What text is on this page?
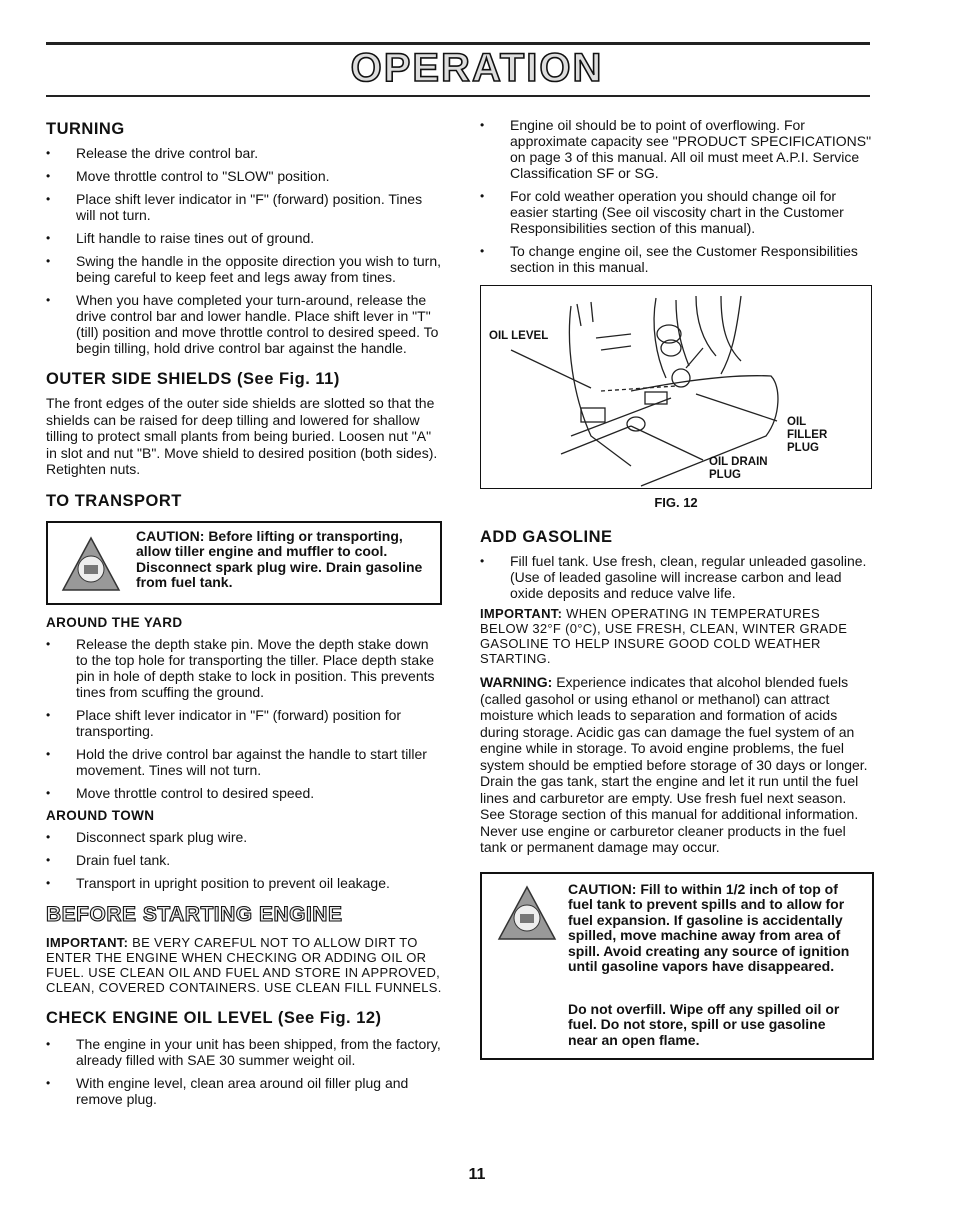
OPERATION
TURNING
• Release the drive control bar.
• Move throttle control to "SLOW" position.
• Place shift lever indicator in "F" (forward) position. Tines will not turn.
• Lift handle to raise tines out of ground.
• Swing the handle in the opposite direction you wish to turn, being careful to keep feet and legs away from tines.
• When you have completed your turn-around, release the drive control bar and lower handle. Place shift lever in "T" (till) position and move throttle control to desired speed. To begin tilling, hold drive control bar against the handle.
OUTER SIDE SHIELDS (See Fig. 11)

The front edges of the outer side shields are slotted so that the shields can be raised for deep tilling and lowered for shallow tilling to protect small plants from being buried. Loosen nut "A" in slot and nut "B". Move shield to desired position (both sides). Retighten nuts.

TO TRANSPORT
CAUTION: Before lifting or transporting, allow tiller engine and muffler to cool. Disconnect spark plug wire. Drain gasoline from fuel tank.
AROUND THE YARD
• Release the depth stake pin. Move the depth stake down to the top hole for transporting the tiller. Place depth stake pin in hole of depth stake to lock in position. This prevents tines from scuffing the ground.
• Place shift lever indicator in "F" (forward) position for transporting.
• Hold the drive control bar against the handle to start tiller movement. Tines will not turn.
• Move throttle control to desired speed.
AROUND TOWN
• Disconnect spark plug wire.
• Drain fuel tank.
• Transport in upright position to prevent oil leakage.
BEFORE STARTING ENGINE

IMPORTANT: BE VERY CAREFUL NOT TO ALLOW DIRT TO ENTER THE ENGINE WHEN CHECKING OR ADDING OIL OR FUEL. USE CLEAN OIL AND FUEL AND STORE IN APPROVED, CLEAN, COVERED CONTAINERS. USE CLEAN FILL FUNNELS.

CHECK ENGINE OIL LEVEL (See Fig. 12)
• The engine in your unit has been shipped, from the factory, already filled with SAE 30 summer weight oil.
• With engine level, clean area around oil filler plug and remove plug.
• Engine oil should be to point of overflowing. For approximate capacity see "PRODUCT SPECIFICATIONS" on page 3 of this manual. All oil must meet A.P.I. Service Classification SF or SG.
• For cold weather operation you should change oil for easier starting (See oil viscosity chart in the Customer Responsibilities section of this manual).
• To change engine oil, see the Customer Responsibilities section in this manual.
OIL LEVEL
OIL FILLER PLUG
OIL DRAIN PLUG
FIG. 12
ADD GASOLINE
• Fill fuel tank. Use fresh, clean, regular unleaded gasoline. (Use of leaded gasoline will increase carbon and lead oxide deposits and reduce valve life.

IMPORTANT: WHEN OPERATING IN TEMPERATURES BELOW 32°F (0°C), USE FRESH, CLEAN, WINTER GRADE GASOLINE TO HELP INSURE GOOD COLD WEATHER STARTING.

WARNING: Experience indicates that alcohol blended fuels (called gasohol or using ethanol or methanol) can attract moisture which leads to separation and formation of acids during storage. Acidic gas can damage the fuel system of an engine while in storage. To avoid engine problems, the fuel system should be emptied before storage of 30 days or longer. Drain the gas tank, start the engine and let it run until the fuel lines and carburetor are empty. Use fresh fuel next season. See Storage section of this manual for additional information. Never use engine or carburetor cleaner products in the fuel tank or permanent damage may occur.

CAUTION: Fill to within 1/2 inch of top of fuel tank to prevent spills and to allow for fuel expansion. If gasoline is accidentally spilled, move machine away from area of spill. Avoid creating any source of ignition until gasoline vapors have disappeared.
Do not overfill. Wipe off any spilled oil or fuel. Do not store, spill or use gasoline near an open flame.
11
